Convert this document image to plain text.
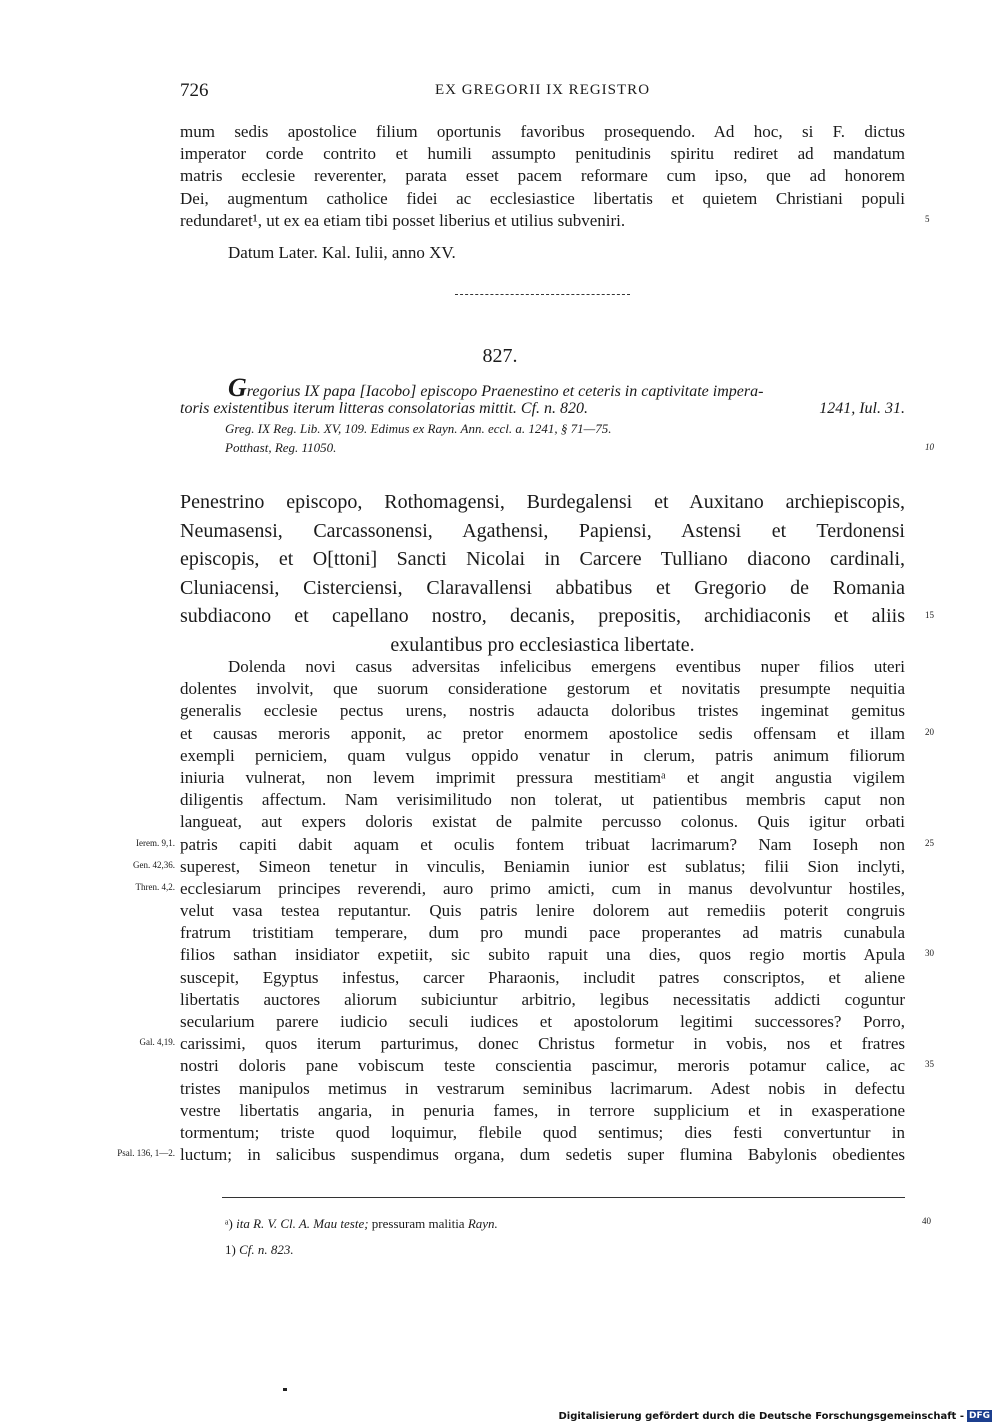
726	EX GREGORII IX REGISTRO
mum sedis apostolice filium oportunis favoribus prosequendo. Ad hoc, si F. dictus
imperator corde contrito et humili assumpto penitudinis spiritu rediret ad mandatum
matris ecclesie reverenter, parata esset pacem reformare cum ipso, que ad honorem
Dei, augmentum catholice fidei ac ecclesiastice libertatis et quietem Christiani populi
redundaret¹, ut ex ea etiam tibi posset liberius et utilius subveniri.	5
Datum Later. Kal. Iulii, anno XV.
827.
Gregorius IX papa [Iacobo] episcopo Praenestino et ceteris in captivitate impera-
toris existentibus iterum litteras consolatorias mittit. Cf. n. 820.	1241, Iul. 31.
Greg. IX Reg. Lib. XV, 109. Edimus ex Rayn. Ann. eccl. a. 1241, § 71—75.
Potthast, Reg. 11050.	10
Penestrino episcopo, Rothomagensi, Burdegalensi et Auxitano archiepiscopis,
Neumasensi, Carcassonensi, Agathensi, Papiensi, Astensi et Terdonensi
episcopis, et O[ttoni] Sancti Nicolai in Carcere Tulliano diacono cardinali,
Cluniacensi, Cisterciensi, Claravallensi abbatibus et Gregorio de Romania
subdiacono et capellano nostro, decanis, prepositis, archidiaconis et aliis 15
exulantibus pro ecclesiastica libertate.
Dolenda novi casus adversitas infelicibus emergens eventibus nuper filios uteri
dolentes involvit, que suorum consideratione gestorum et novitatis presumpte nequitia
generalis ecclesie pectus urens, nostris adaucta doloribus tristes ingeminat gemitus
et causas meroris apponit, ac pretor enormem apostolice sedis offensam et illam 20
exempli perniciem, quam vulgus oppido venatur in clerum, patris animum filiorum
iniuria vulnerat, non levem imprimit pressura mestitiamᵃ et angit angustia vigilem
diligentis affectum. Nam verisimilitudo non tolerat, ut patientibus membris caput non
langueat, aut expers doloris existat de palmite percusso colonus. Quis igitur orbati
Ierem. 9,1. patris capiti dabit aquam et oculis fontem tribuat lacrimarum? Nam Ioseph non 25
Gen. 42,36. superest, Simeon tenetur in vinculis, Beniamin iunior est sublatus; filii Sion inclyti,
Thren. 4,2. ecclesiarum principes reverendi, auro primo amicti, cum in manus devolvuntur hostiles,
velut vasa testea reputantur. Quis patris lenire dolorem aut remediis poterit congruis
fratrum tristitiam temperare, dum pro mundi pace properantes ad matris cunabula
filios sathan insidiator expetiit, sic subito rapuit una dies, quos regio mortis Apula 30
suscepit, Egyptus infestus, carcer Pharaonis, includit patres conscriptos, et aliene
libertatis auctores aliorum subiciuntur arbitrio, legibus necessitatis addicti coguntur
secularium parere iudicio seculi iudices et apostolorum legitimi successores? Porro,
Gal. 4,19. carissimi, quos iterum parturimus, donec Christus formetur in vobis, nos et fratres
nostri doloris pane vobiscum teste conscientia pascimur, meroris potamur calice, ac 35
tristes manipulos metimus in vestrarum seminibus lacrimarum. Adest nobis in defectu
vestre libertatis angaria, in penuria fames, in terrore supplicium et in exasperatione
tormentum; triste quod loquimur, flebile quod sentimus; dies festi convertuntur in
Psal. 136, 1—2. luctum; in salicibus suspendimus organa, dum sedetis super flumina Babylonis obedientes
ᵃ) ita R. V. Cl. A. Mau teste; pressuram malitia Rayn.	40
1) Cf. n. 823.
Digitalisierung gefördert durch die Deutsche Forschungsgemeinschaft - DFG
